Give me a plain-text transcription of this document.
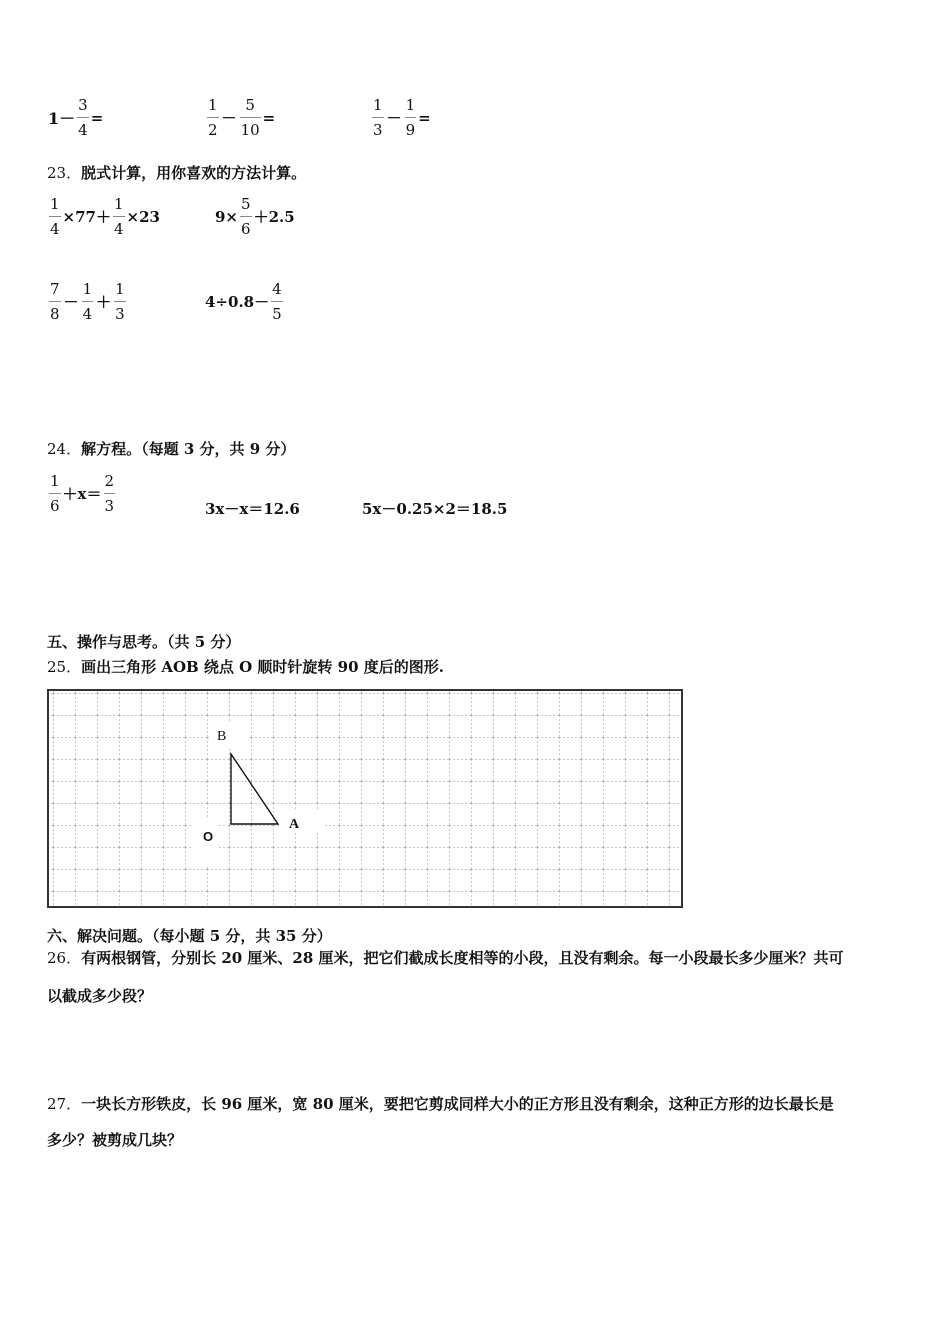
$1- \frac{3}{4}$ =	$\frac{1}{2} - \frac{5}{10}$ =	$\frac{1}{3} - \frac{1}{9}$ =
23．脱式计算，用你喜欢的方法计算。
$\frac{1}{4} \times 77+ \frac{1}{4} \times 23$	$9\times \frac{5}{6} +2.5$
$\frac{7}{8} - \frac{1}{4} + \frac{1}{3}$	$4\div 0.8- \frac{4}{5}$
24．解方程。（每题 3 分，共 9 分）
$\frac{1}{6} +x= \frac{2}{3}$	3x－x＝12.6	5x－0.25×2＝18.5
五、操作与思考。（共 5 分）
25．画出三角形 AOB 绕点 O 顺时针旋转 90 度后的图形.
B
A
O
六、解决问题。（每小题 5 分，共 35 分）
26．有两根钢管，分别长 20 厘米、28 厘米，把它们截成长度相等的小段，且没有剩余。每一小段最长多少厘米？共可
以截成多少段？
27．一块长方形铁皮，长 96 厘米，宽 80 厘米，要把它剪成同样大小的正方形且没有剩余，这种正方形的边长最长是
多少？被剪成几块？
